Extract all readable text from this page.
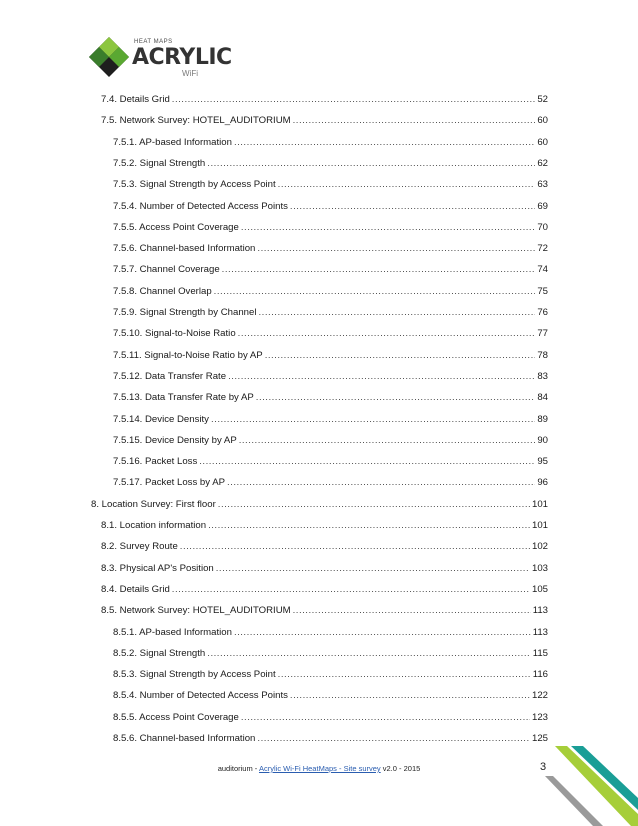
HEAT MAPS
ACRYLIC
WiFi
7.4. Details Grid .....	52
7.5. Network Survey: HOTEL_AUDITORIUM .....	60
7.5.1. AP-based Information .....	60
7.5.2. Signal Strength .....	62
7.5.3. Signal Strength by Access Point .....	63
7.5.4. Number of Detected Access Points .....	69
7.5.5. Access Point Coverage .....	70
7.5.6. Channel-based Information .....	72
7.5.7. Channel Coverage .....	74
7.5.8. Channel Overlap .....	75
7.5.9. Signal Strength by Channel .....	76
7.5.10. Signal-to-Noise Ratio .....	77
7.5.11. Signal-to-Noise Ratio by AP .....	78
7.5.12. Data Transfer Rate .....	83
7.5.13. Data Transfer Rate by AP .....	84
7.5.14. Device Density .....	89
7.5.15. Device Density by AP .....	90
7.5.16. Packet Loss .....	95
7.5.17. Packet Loss by AP .....	96
8. Location Survey: First floor .....	101
8.1. Location information .....	101
8.2. Survey Route .....	102
8.3. Physical AP's Position .....	103
8.4. Details Grid .....	105
8.5. Network Survey: HOTEL_AUDITORIUM .....	113
8.5.1. AP-based Information .....	113
8.5.2. Signal Strength .....	115
8.5.3. Signal Strength by Access Point .....	116
8.5.4. Number of Detected Access Points .....	122
8.5.5. Access Point Coverage .....	123
8.5.6. Channel-based Information .....	125
auditorium - Acrylic Wi-Fi HeatMaps - Site survey v2.0 - 2015	3
